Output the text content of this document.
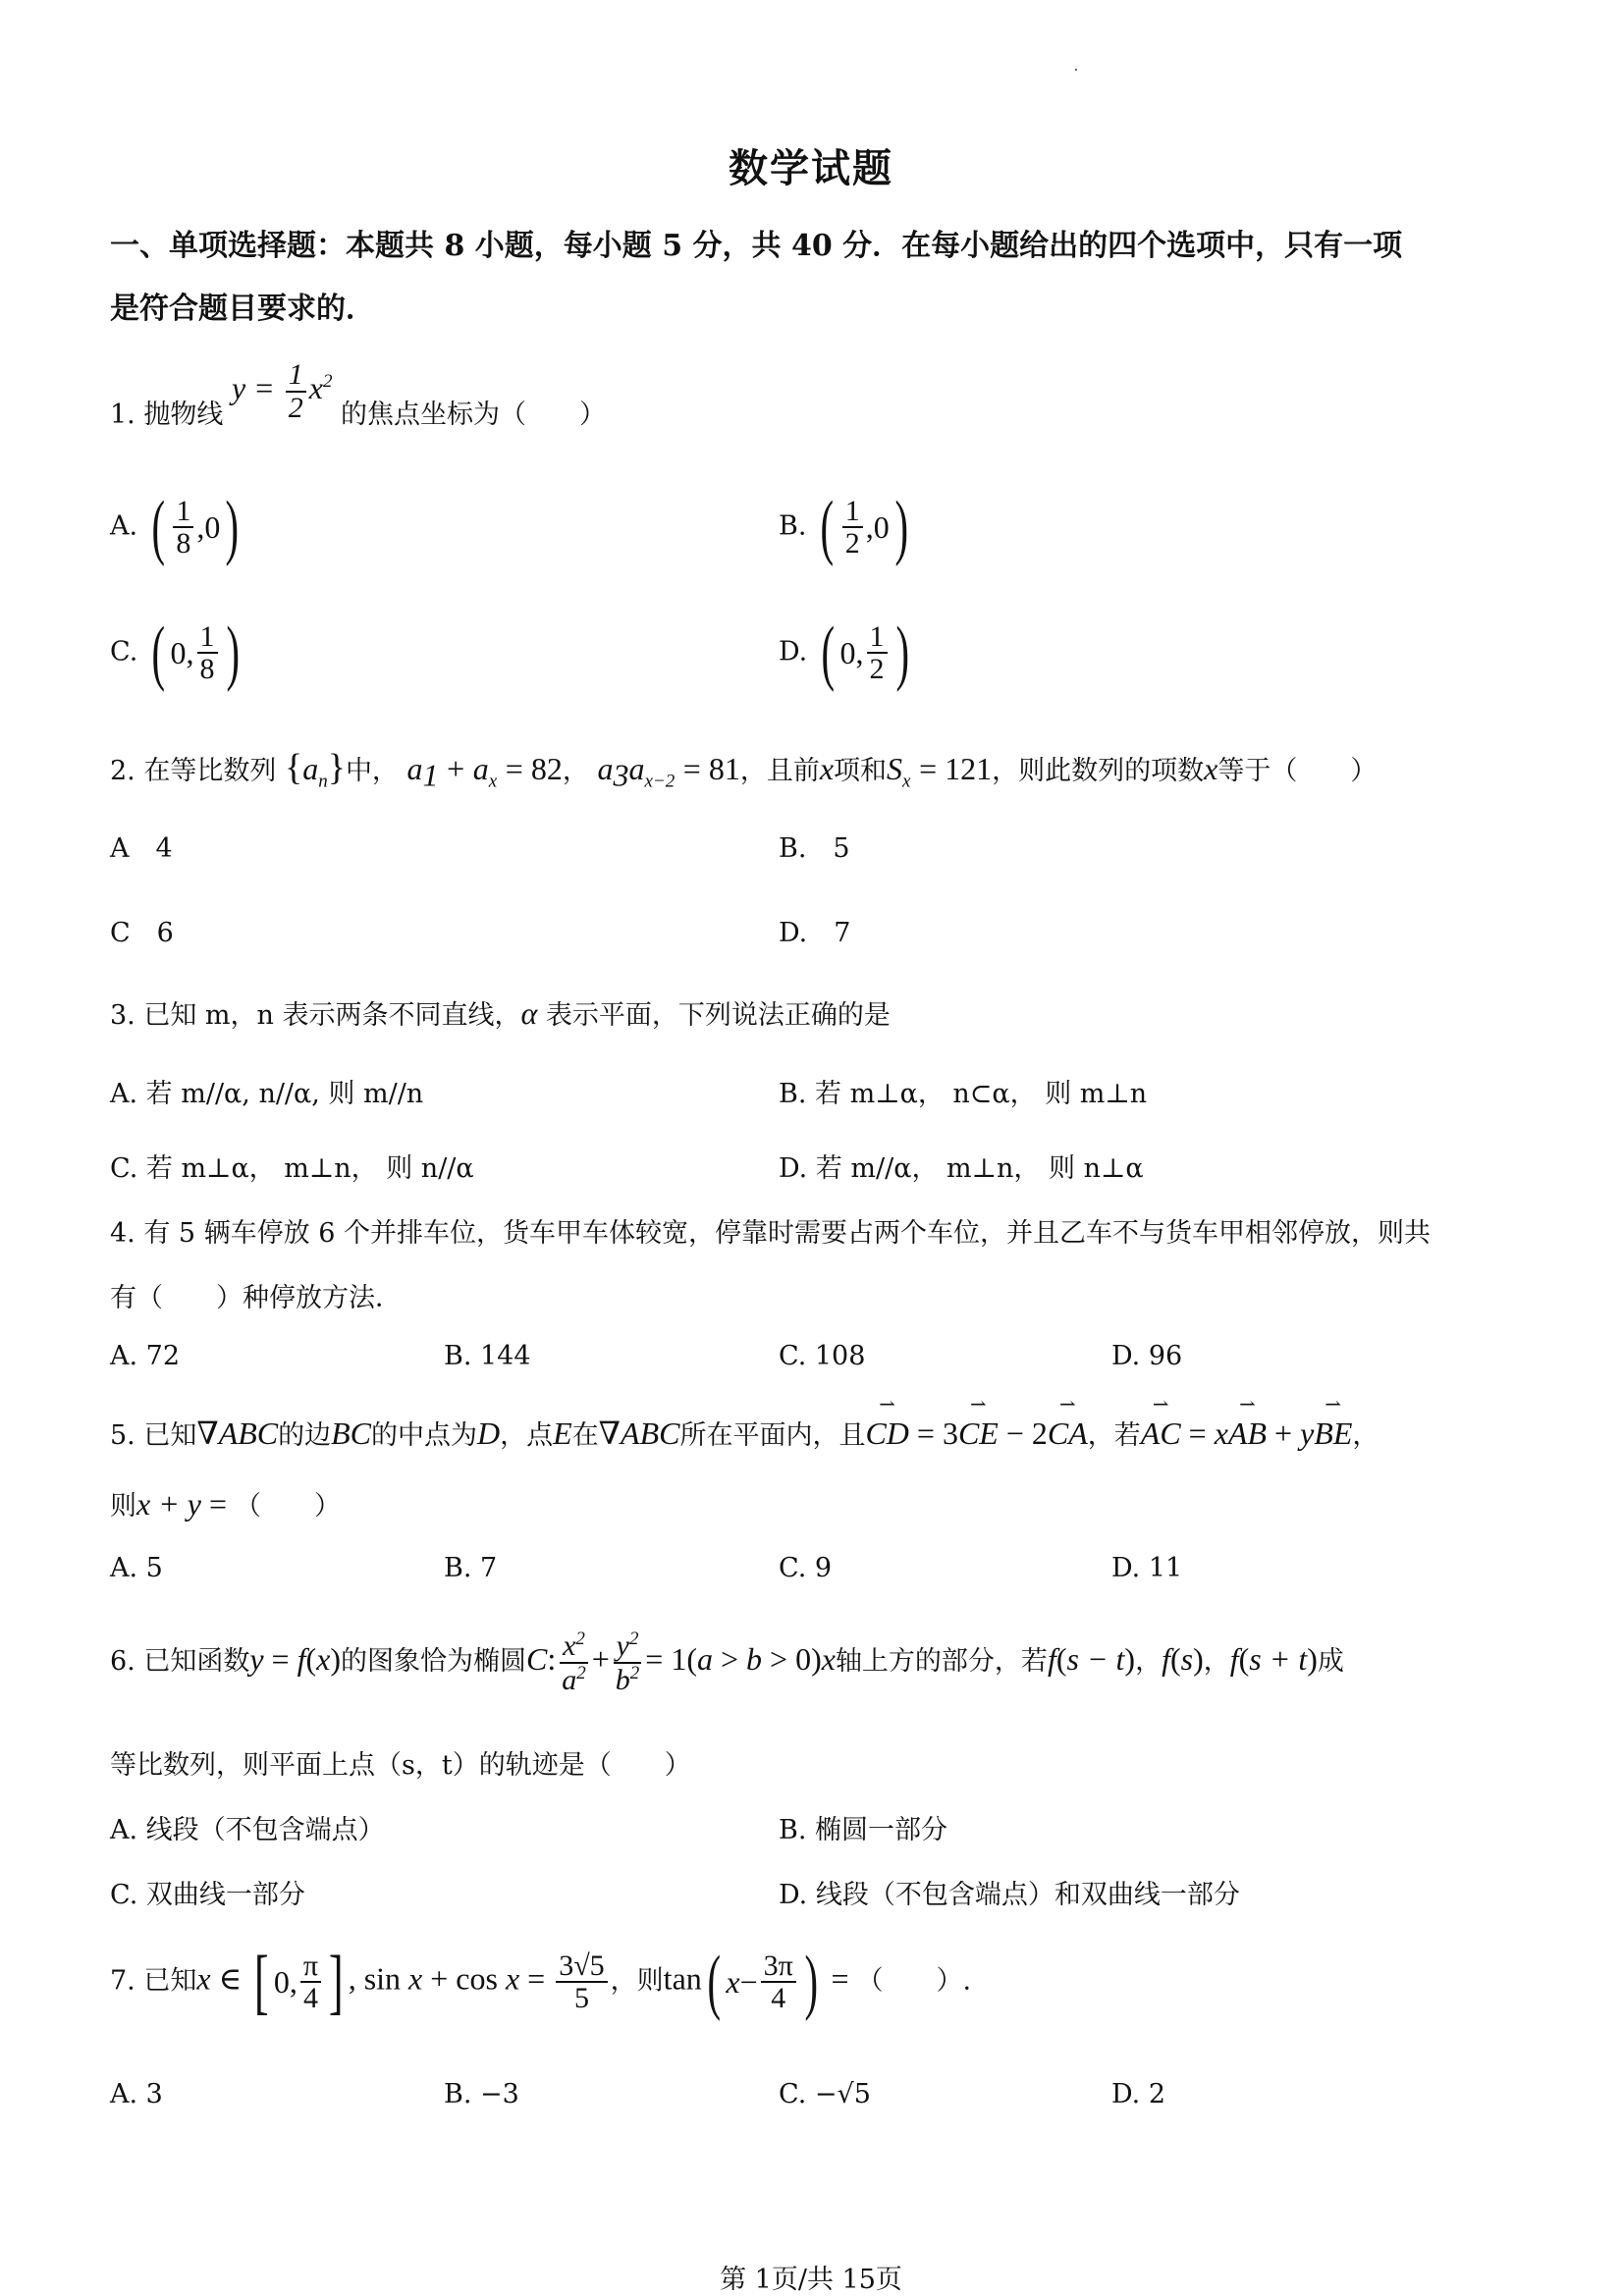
数学试题
一、单项选择题：本题共 8 小题，每小题 5 分，共 40 分．在每小题给出的四个选项中，只有一项
是符合题目要求的．
1. 抛物线 $y = \frac{1}{2} x^2$ 的焦点坐标为（　　）
A. ( $\frac{1}{8}$ , 0 )	B. ( $\frac{1}{2}$ , 0 )
C. ( 0 , $\frac{1}{8}$ )	D. ( 0 , $\frac{1}{2}$ )
2. 在等比数列 $\{a_n\}$中， $a_1 + a_x = 82$， $a_3a_{x-2} = 81$，且前x项和$S_x = 121$，则此数列的项数x等于（　　）
A　4	B.　5
C　6	D.　7
3. 已知 m，n 表示两条不同直线，α 表示平面，下列说法正确的是
A. 若 m//α, n//α, 则 m//n	B. 若 m⊥α， n⊂α， 则 m⊥n
C. 若 m⊥α， m⊥n， 则 n//α	D. 若 m//α， m⊥n， 则 n⊥α
4. 有 5 辆车停放 6 个并排车位，货车甲车体较宽，停靠时需要占两个车位，并且乙车不与货车甲相邻停放，则共
有（　　）种停放方法．
A. 72	B. 144	C. 108	D. 96
5. 已知∇ABC的边BC的中点为D，点E在∇ABC所在平面内，且⇀ CD = 3⇀ CE − 2⇀ CA，若⇀ AC = x⇀ AB + y⇀ BE，
则x + y = （　　）
A. 5	B. 7	C. 9	D. 11
6. 已知函数y = f(x)的图象恰为椭圆C: $\frac{x^2}{a^2} + \frac{y^2}{b^2} = 1(a > b > 0)x$轴上方的部分，若f(s − t)，f(s)，f(s + t)成
等比数列，则平面上点（s，t）的轨迹是（　　）
A. 线段（不包含端点）	B. 椭圆一部分
C. 双曲线一部分	D. 线段（不包含端点）和双曲线一部分
7. 已知x ∈ [ 0, $\frac{\pi}{4}$ ] , $\sin x + \cos x = \frac{3√5}{5}$ ，则tan ( $x - \frac{3\pi}{4}$ ) = （　　）.
A. 3	B. −3	C. −√5	D. 2
第 1页/共 15页
